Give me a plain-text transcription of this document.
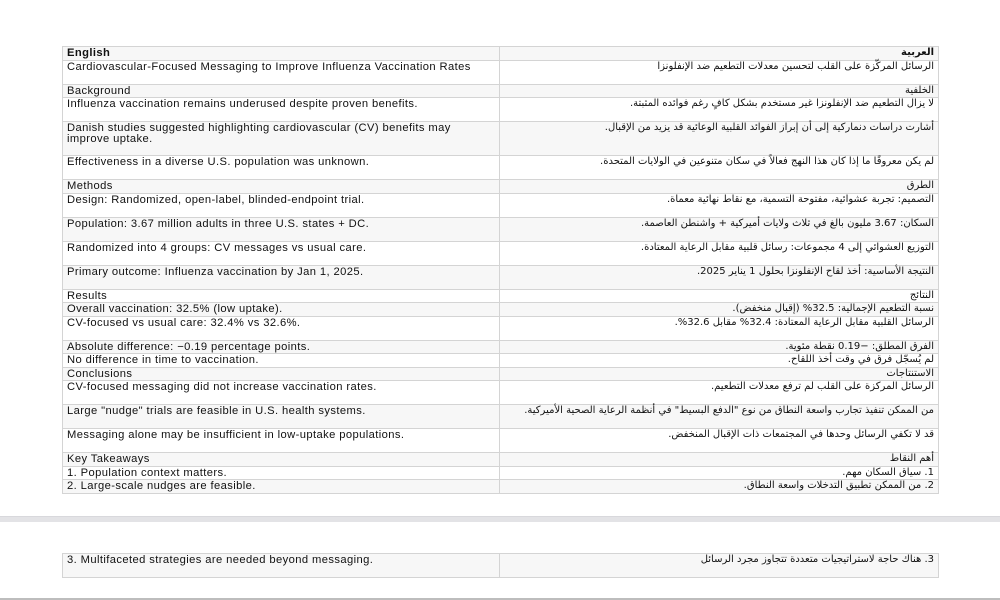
English	العربية
Cardiovascular-Focused Messaging to Improve Influenza Vaccination Rates	الرسائل المركّزة على القلب لتحسين معدلات التطعيم ضد الإنفلونزا
Background	الخلفية
Influenza vaccination remains underused despite proven benefits.	لا يزال التطعيم ضد الإنفلونزا غير مستخدم بشكل كافٍ رغم فوائده المثبتة.
Danish studies suggested highlighting cardiovascular (CV) benefits may improve uptake.	أشارت دراسات دنماركية إلى أن إبراز الفوائد القلبية الوعائية قد يزيد من الإقبال.
Effectiveness in a diverse U.S. population was unknown.	لم يكن معروفًا ما إذا كان هذا النهج فعالاً في سكان متنوعين في الولايات المتحدة.
Methods	الطرق
Design: Randomized, open-label, blinded-endpoint trial.	التصميم: تجربة عشوائية، مفتوحة التسمية، مع نقاط نهائية معماة.
Population: 3.67 million adults in three U.S. states + DC.	السكان: 3.67 مليون بالغ في ثلاث ولايات أميركية + واشنطن العاصمة.
Randomized into 4 groups: CV messages vs usual care.	التوزيع العشوائي إلى 4 مجموعات: رسائل قلبية مقابل الرعاية المعتادة.
Primary outcome: Influenza vaccination by Jan 1, 2025.	النتيجة الأساسية: أخذ لقاح الإنفلونزا بحلول 1 يناير 2025.
Results	النتائج
Overall vaccination: 32.5% (low uptake).	نسبة التطعيم الإجمالية: 32.5% (إقبال منخفض).
CV-focused vs usual care: 32.4% vs 32.6%.	الرسائل القلبية مقابل الرعاية المعتادة: 32.4% مقابل 32.6%.
Absolute difference: −0.19 percentage points.	الفرق المطلق: −0.19 نقطة مئوية.
No difference in time to vaccination.	لم يُسجّل فرق في وقت أخذ اللقاح.
Conclusions	الاستنتاجات
CV-focused messaging did not increase vaccination rates.	الرسائل المركزة على القلب لم ترفع معدلات التطعيم.
Large "nudge" trials are feasible in U.S. health systems.	من الممكن تنفيذ تجارب واسعة النطاق من نوع "الدفع البسيط" في أنظمة الرعاية الصحية الأميركية.
Messaging alone may be insufficient in low-uptake populations.	قد لا تكفي الرسائل وحدها في المجتمعات ذات الإقبال المنخفض.
Key Takeaways	أهم النقاط
1. Population context matters.	1. سياق السكان مهم.
2. Large-scale nudges are feasible.	2. من الممكن تطبيق التدخلات واسعة النطاق.
3. Multifaceted strategies are needed beyond messaging.	3. هناك حاجة لاستراتيجيات متعددة تتجاوز مجرد الرسائل
